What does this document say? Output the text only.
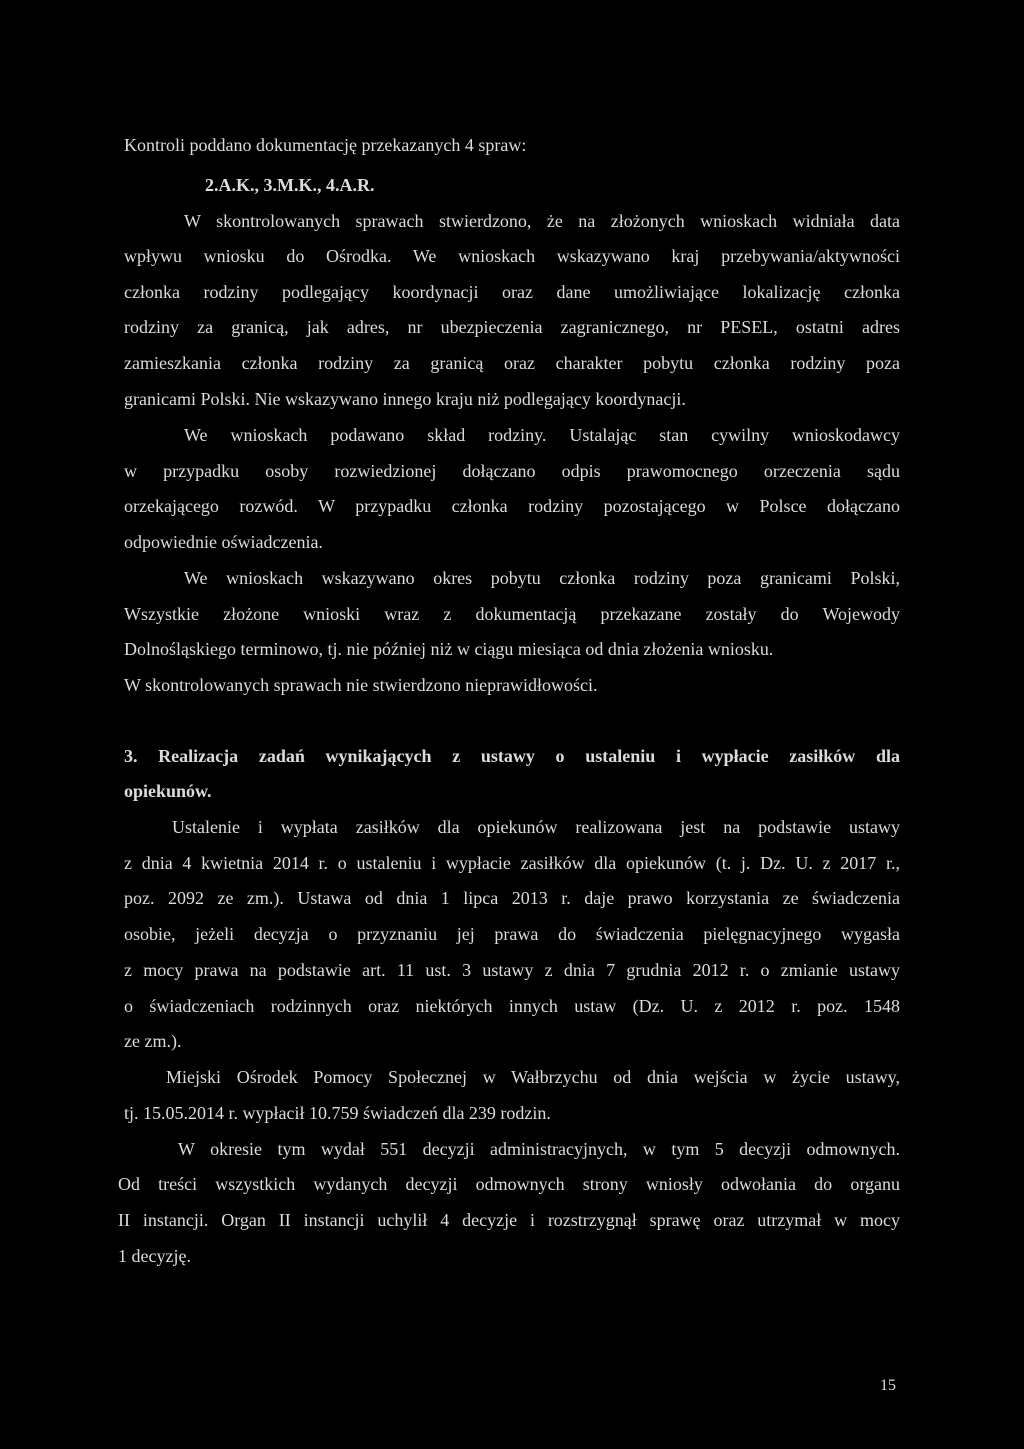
Kontroli poddano dokumentację przekazanych 4 spraw:
2.A.K., 3.M.K., 4.A.R.
W skontrolowanych sprawach stwierdzono, że na złożonych wnioskach widniała data
wpływu wniosku do Ośrodka. We wnioskach wskazywano kraj przebywania/aktywności
członka rodziny podlegający koordynacji oraz dane umożliwiające lokalizację członka
rodziny za granicą, jak adres, nr ubezpieczenia zagranicznego, nr PESEL, ostatni adres
zamieszkania członka rodziny za granicą oraz charakter pobytu członka rodziny poza
granicami Polski. Nie wskazywano innego kraju niż podlegający koordynacji.
We wnioskach podawano skład rodziny. Ustalając stan cywilny wnioskodawcy
w przypadku osoby rozwiedzionej dołączano odpis prawomocnego orzeczenia sądu
orzekającego rozwód. W przypadku członka rodziny pozostającego w Polsce dołączano
odpowiednie oświadczenia.
We wnioskach wskazywano okres pobytu członka rodziny poza granicami Polski,
Wszystkie złożone wnioski wraz z dokumentacją przekazane zostały do Wojewody
Dolnośląskiego terminowo, tj. nie później niż w ciągu miesiąca od dnia złożenia wniosku.
W skontrolowanych sprawach nie stwierdzono nieprawidłowości.
3. Realizacja zadań wynikających z ustawy o ustaleniu i wypłacie zasiłków dla
opiekunów.
Ustalenie i wypłata zasiłków dla opiekunów realizowana jest na podstawie ustawy
z dnia 4 kwietnia 2014 r. o ustaleniu i wypłacie zasiłków dla opiekunów (t. j. Dz. U. z 2017 r.,
poz. 2092 ze zm.). Ustawa od dnia 1 lipca 2013 r. daje prawo korzystania ze świadczenia
osobie, jeżeli decyzja o przyznaniu jej prawa do świadczenia pielęgnacyjnego wygasła
z mocy prawa na podstawie art. 11 ust. 3 ustawy z dnia 7 grudnia 2012 r. o zmianie ustawy
o świadczeniach rodzinnych oraz niektórych innych ustaw (Dz. U. z 2012 r. poz. 1548
ze zm.).
Miejski Ośrodek Pomocy Społecznej w Wałbrzychu od dnia wejścia w życie ustawy,
tj. 15.05.2014 r. wypłacił 10.759 świadczeń dla 239 rodzin.
W okresie tym wydał 551 decyzji administracyjnych, w tym 5 decyzji odmownych.
Od treści wszystkich wydanych decyzji odmownych strony wniosły odwołania do organu
II instancji. Organ II instancji uchylił 4 decyzje i rozstrzygnął sprawę oraz utrzymał w mocy
1 decyzję.
15
